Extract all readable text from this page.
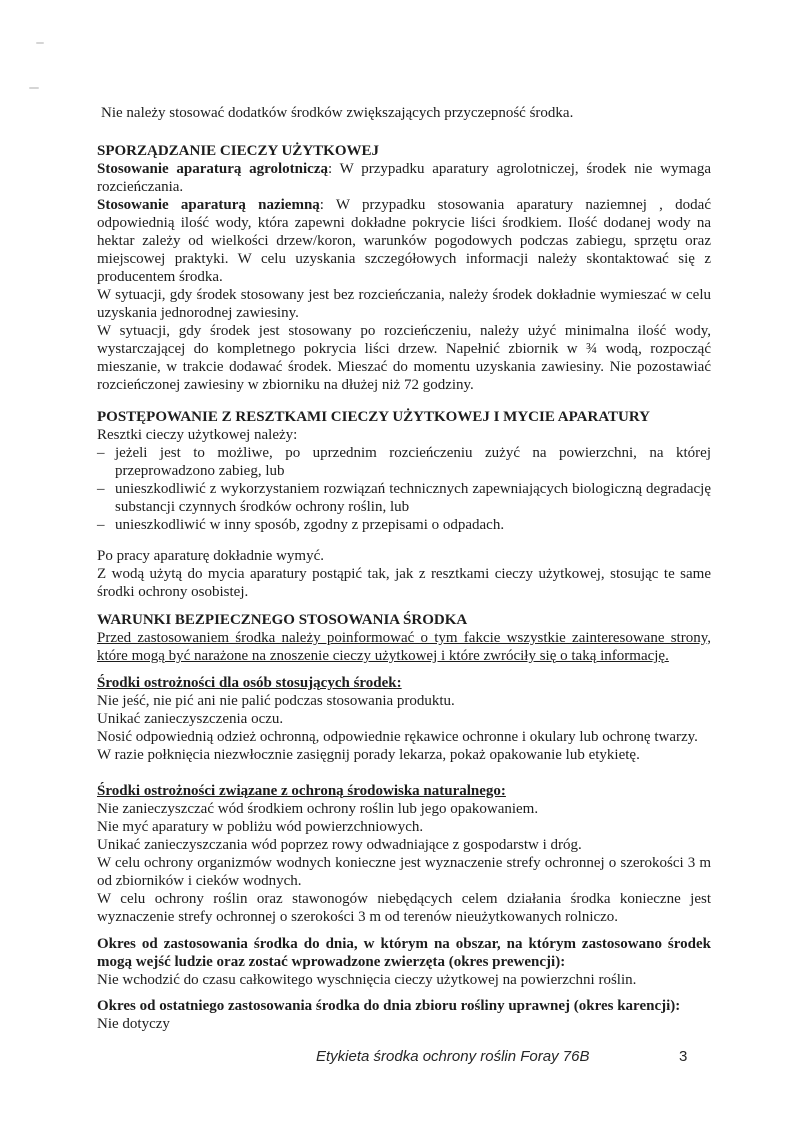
Nie należy stosować dodatków środków zwiększających przyczepność środka.

SPORZĄDZANIE CIECZY UŻYTKOWEJ

Stosowanie aparaturą agrolotniczą: W przypadku aparatury agrolotniczej, środek nie wymaga rozcieńczania.

Stosowanie aparaturą naziemną: W przypadku stosowania aparatury naziemnej , dodać odpowiednią ilość wody, która zapewni dokładne pokrycie liści środkiem. Ilość dodanej wody na hektar zależy od wielkości drzew/koron, warunków pogodowych podczas zabiegu, sprzętu oraz miejscowej praktyki. W celu uzyskania szczegółowych informacji należy skontaktować się z producentem środka.

W sytuacji, gdy środek stosowany jest bez rozcieńczania, należy środek dokładnie wymieszać w celu uzyskania jednorodnej zawiesiny.

W sytuacji, gdy środek jest stosowany po rozcieńczeniu, należy użyć minimalna ilość wody, wystarczającej do kompletnego pokrycia liści drzew. Napełnić zbiornik w ¾ wodą, rozpocząć mieszanie, w trakcie dodawać środek. Mieszać do momentu uzyskania zawiesiny. Nie pozostawiać rozcieńczonej zawiesiny w zbiorniku na dłużej niż 72 godziny.

POSTĘPOWANIE Z RESZTKAMI CIECZY UŻYTKOWEJ I MYCIE APARATURY

Resztki cieczy użytkowej należy:

– jeżeli jest to możliwe, po uprzednim rozcieńczeniu zużyć na powierzchni, na której przeprowadzono zabieg, lub
– unieszkodliwić z wykorzystaniem rozwiązań technicznych zapewniających biologiczną degradację substancji czynnych środków ochrony roślin, lub
– unieszkodliwić w inny sposób, zgodny z przepisami o odpadach.

Po pracy aparaturę dokładnie wymyć.

Z wodą użytą do mycia aparatury postąpić tak, jak z resztkami cieczy użytkowej, stosując te same środki ochrony osobistej.

WARUNKI BEZPIECZNEGO STOSOWANIA ŚRODKA

Przed zastosowaniem środka należy poinformować o tym fakcie wszystkie zainteresowane strony, które mogą być narażone na znoszenie cieczy użytkowej i które zwróciły się o taką informację.

Środki ostrożności dla osób stosujących środek:

Nie jeść, nie pić ani nie palić podczas stosowania produktu.

Unikać zanieczyszczenia oczu.

Nosić odpowiednią odzież ochronną, odpowiednie rękawice ochronne i okulary lub ochronę twarzy.

W razie połknięcia niezwłocznie zasięgnij porady lekarza, pokaż opakowanie lub etykietę.

Środki ostrożności związane z ochroną środowiska naturalnego:

Nie zanieczyszczać wód środkiem ochrony roślin lub jego opakowaniem.

Nie myć aparatury w pobliżu wód powierzchniowych.

Unikać zanieczyszczania wód poprzez rowy odwadniające z gospodarstw i dróg.

W celu ochrony organizmów wodnych konieczne jest wyznaczenie strefy ochronnej o szerokości 3 m od zbiorników i cieków wodnych.

W celu ochrony roślin oraz stawonogów niebędących celem działania środka konieczne jest wyznaczenie strefy ochronnej o szerokości 3 m od terenów nieużytkowanych rolniczo.

Okres od zastosowania środka do dnia, w którym na obszar, na którym zastosowano środek mogą wejść ludzie oraz zostać wprowadzone zwierzęta (okres prewencji):

Nie wchodzić do czasu całkowitego wyschnięcia cieczy użytkowej na powierzchni roślin.

Okres od ostatniego zastosowania środka do dnia zbioru rośliny uprawnej (okres karencji):

Nie dotyczy

Etykieta środka ochrony roślin Foray 76B	3
